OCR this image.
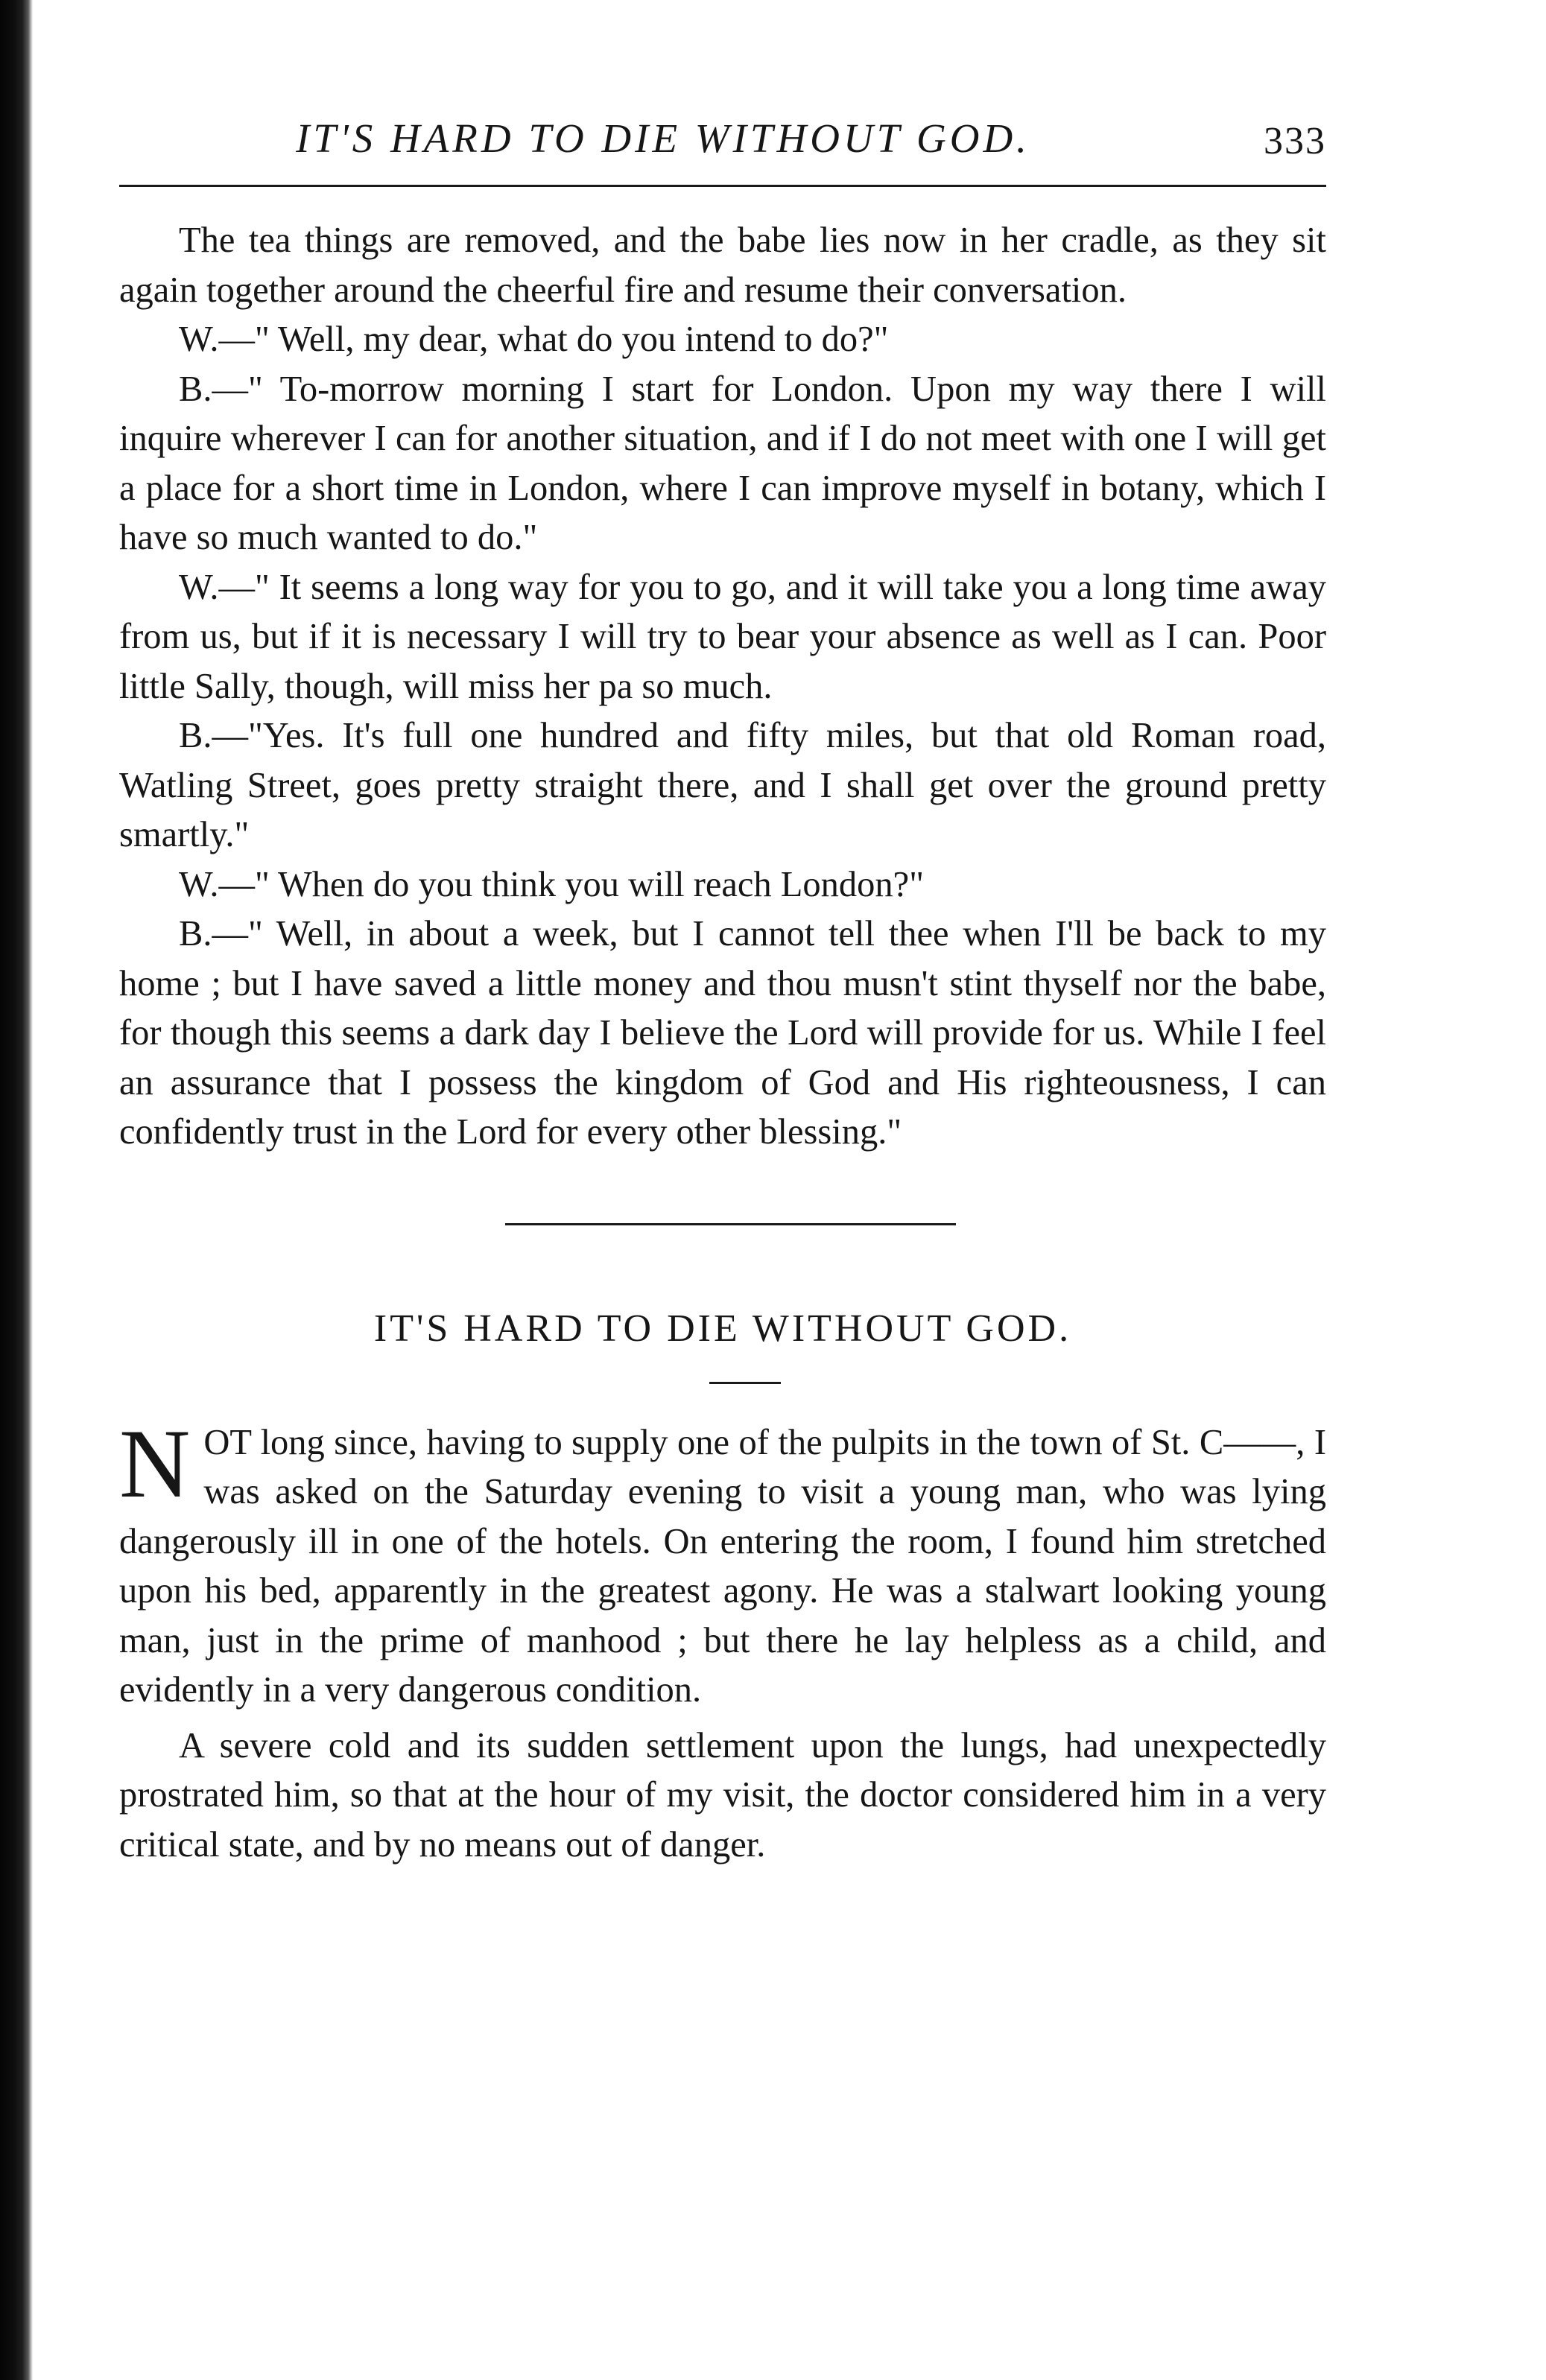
IT'S HARD TO DIE WITHOUT GOD.	333

The tea things are removed, and the babe lies now in her cradle, as they sit again together around the cheerful fire and resume their conversation.

W.—" Well, my dear, what do you intend to do?"

B.—" To-morrow morning I start for London. Upon my way there I will inquire wherever I can for another situation, and if I do not meet with one I will get a place for a short time in London, where I can improve myself in botany, which I have so much wanted to do."

W.—" It seems a long way for you to go, and it will take you a long time away from us, but if it is necessary I will try to bear your absence as well as I can. Poor little Sally, though, will miss her pa so much.

B.—"Yes. It's full one hundred and fifty miles, but that old Roman road, Watling Street, goes pretty straight there, and I shall get over the ground pretty smartly."

W.—" When do you think you will reach London?"

B.—" Well, in about a week, but I cannot tell thee when I'll be back to my home ; but I have saved a little money and thou musn't stint thyself nor the babe, for though this seems a dark day I believe the Lord will provide for us. While I feel an assurance that I possess the kingdom of God and His righteousness, I can confidently trust in the Lord for every other blessing."

IT'S HARD TO DIE WITHOUT GOD.

NOT long since, having to supply one of the pulpits in the town of St. C——, I was asked on the Saturday evening to visit a young man, who was lying dangerously ill in one of the hotels. On entering the room, I found him stretched upon his bed, apparently in the greatest agony. He was a stalwart looking young man, just in the prime of manhood ; but there he lay helpless as a child, and evidently in a very dangerous condition.

A severe cold and its sudden settlement upon the lungs, had unexpectedly prostrated him, so that at the hour of my visit, the doctor considered him in a very critical state, and by no means out of danger.
